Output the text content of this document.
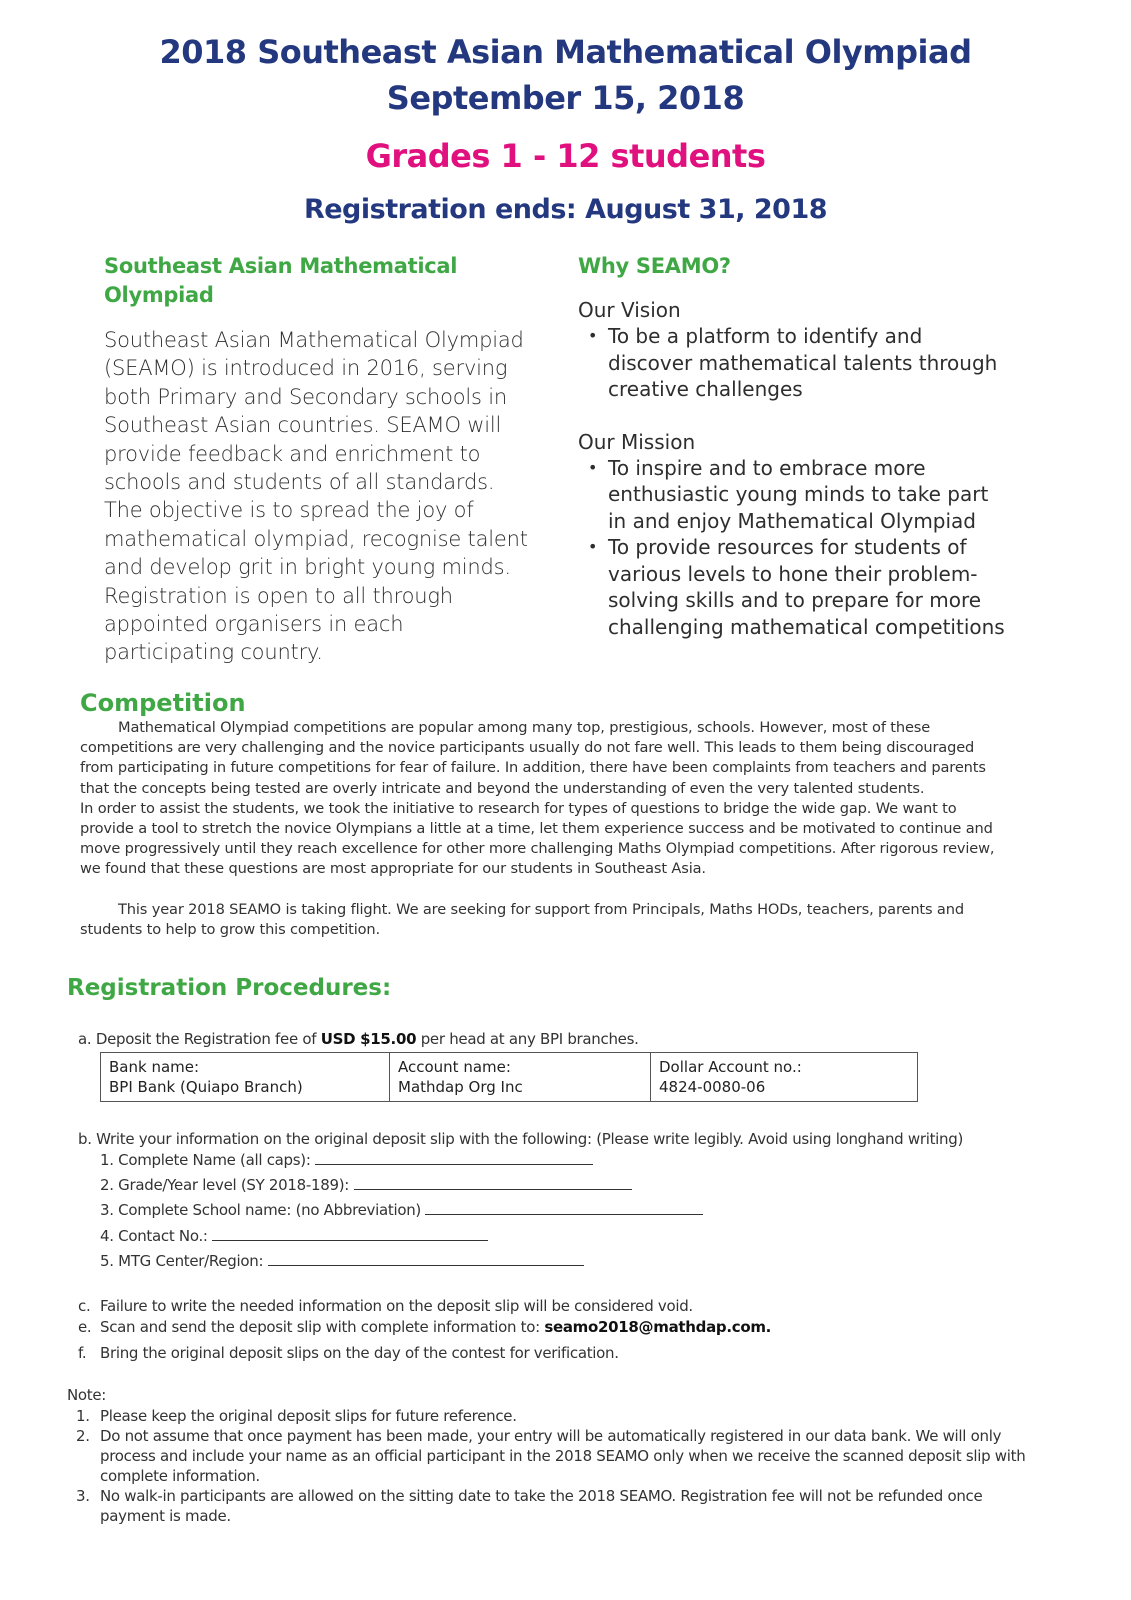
2018 Southeast Asian Mathematical Olympiad
September 15, 2018
Grades 1 - 12 students
Registration ends: August 31, 2018
Southeast Asian Mathematical Olympiad
Southeast Asian Mathematical Olympiad (SEAMO) is introduced in 2016, serving both Primary and Secondary schools in Southeast Asian countries. SEAMO will provide feedback and enrichment to schools and students of all standards. The objective is to spread the joy of mathematical olympiad, recognise talent and develop grit in bright young minds. Registration is open to all through appointed organisers in each participating country.
Why SEAMO?
Our Vision
• To be a platform to identify and discover mathematical talents through creative challenges
Our Mission
• To inspire and to embrace more enthusiastic young minds to take part in and enjoy Mathematical Olympiad
• To provide resources for students of various levels to hone their problem-solving skills and to prepare for more challenging mathematical competitions
Competition

Mathematical Olympiad competitions are popular among many top, prestigious, schools. However, most of these competitions are very challenging and the novice participants usually do not fare well. This leads to them being discouraged from participating in future competitions for fear of failure. In addition, there have been complaints from teachers and parents that the concepts being tested are overly intricate and beyond the understanding of even the very talented students.

In order to assist the students, we took the initiative to research for types of questions to bridge the wide gap. We want to provide a tool to stretch the novice Olympians a little at a time, let them experience success and be motivated to continue and move progressively until they reach excellence for other more challenging Maths Olympiad competitions. After rigorous review, we found that these questions are most appropriate for our students in Southeast Asia.

This year 2018 SEAMO is taking flight. We are seeking for support from Principals, Maths HODs, teachers, parents and students to help to grow this competition.

Registration Procedures:
a. Deposit the Registration fee of USD $15.00 per head at any BPI branches.
Bank name:
BPI Bank (Quiapo Branch)

Account name:
Mathdap Org Inc

Dollar Account no.:
4824-0080-06
b. Write your information on the original deposit slip with the following: (Please write legibly. Avoid using longhand writing)
1. Complete Name (all caps):
2. Grade/Year level (SY 2018-189):
3. Complete School name: (no Abbreviation)
4. Contact No.:
5. MTG Center/Region:
c. Failure to write the needed information on the deposit slip will be considered void.
e. Scan and send the deposit slip with complete information to: seamo2018@mathdap.com.
f. Bring the original deposit slips on the day of the contest for verification.
Note:
1. Please keep the original deposit slips for future reference.
2. Do not assume that once payment has been made, your entry will be automatically registered in our data bank. We will only process and include your name as an official participant in the 2018 SEAMO only when we receive the scanned deposit slip with complete information.
3. No walk-in participants are allowed on the sitting date to take the 2018 SEAMO. Registration fee will not be refunded once payment is made.
